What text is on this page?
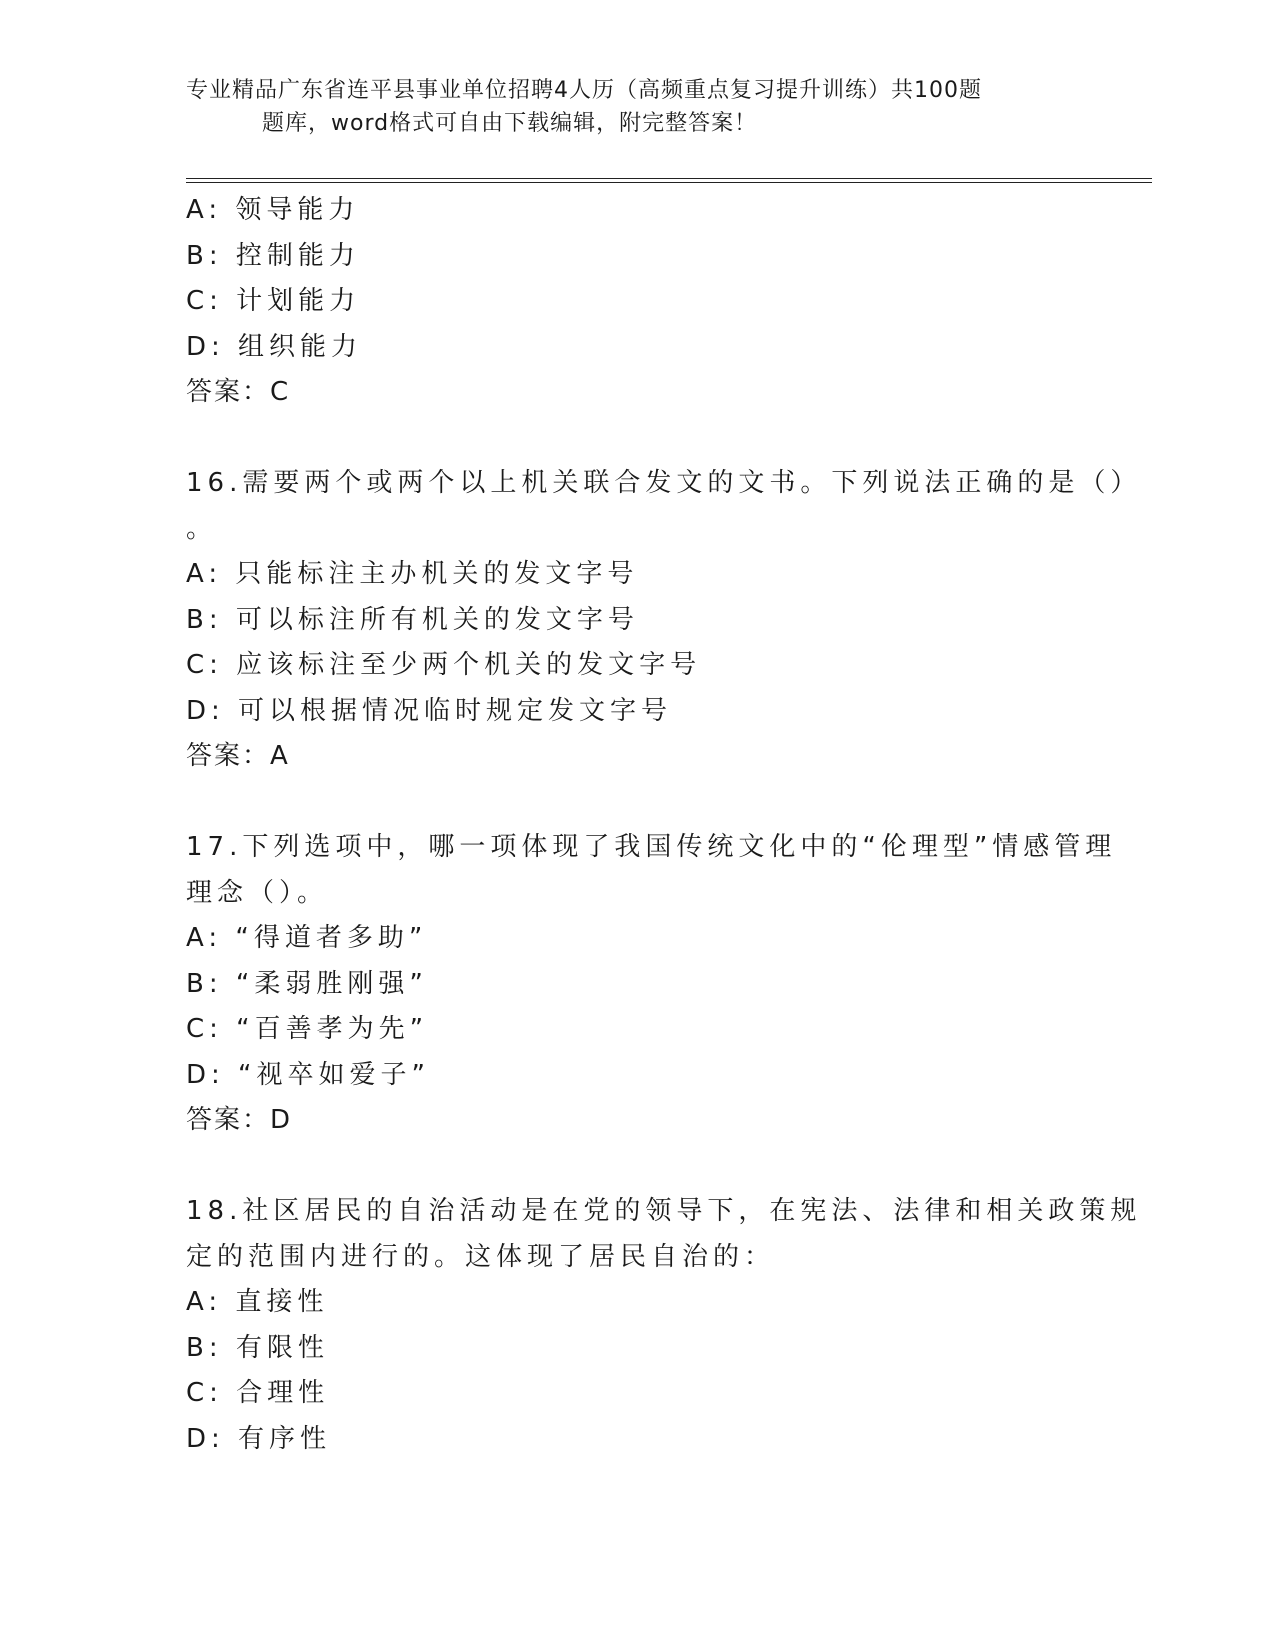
专业精品广东省连平县事业单位招聘4人历（高频重点复习提升训练）共100题
题库，word格式可自由下载编辑，附完整答案！
A: 领导能力
B: 控制能力
C: 计划能力
D: 组织能力
答案：C
16.需要两个或两个以上机关联合发文的文书。下列说法正确的是（）
。
A: 只能标注主办机关的发文字号
B: 可以标注所有机关的发文字号
C: 应该标注至少两个机关的发文字号
D: 可以根据情况临时规定发文字号
答案：A
17.下列选项中，哪一项体现了我国传统文化中的“伦理型”情感管理
理念（）。
A: “得道者多助”
B: “柔弱胜刚强”
C: “百善孝为先”
D: “视卒如爱子”
答案：D
18.社区居民的自治活动是在党的领导下，在宪法、法律和相关政策规
定的范围内进行的。这体现了居民自治的：
A: 直接性
B: 有限性
C: 合理性
D: 有序性
